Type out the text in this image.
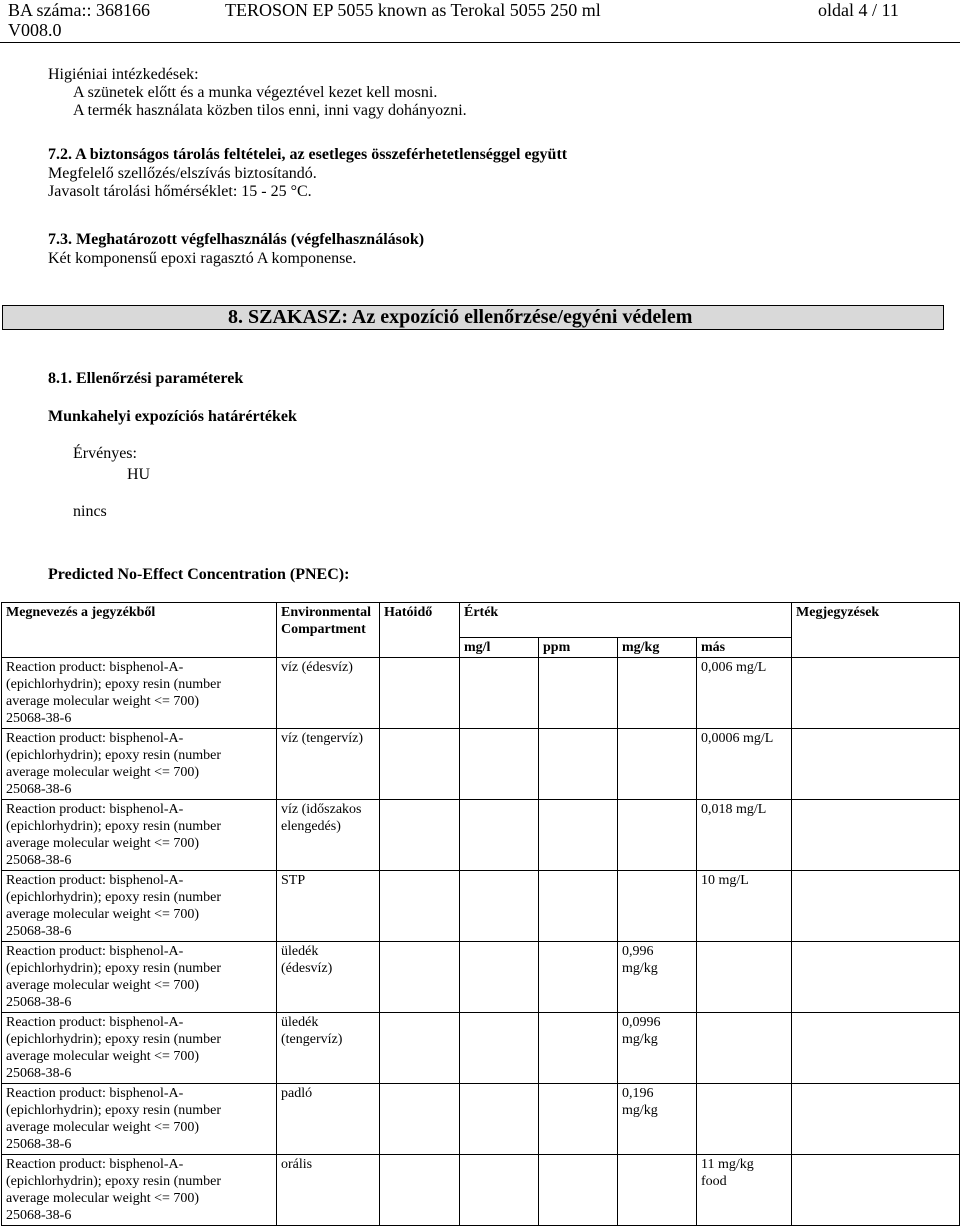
BA száma:: 368166
V008.0
TEROSON EP 5055 known as Terokal 5055 250 ml	oldal 4 / 11
Higiéniai intézkedések:
A szünetek előtt és a munka végeztével kezet kell mosni.
A termék használata közben tilos enni, inni vagy dohányozni.
7.2. A biztonságos tárolás feltételei, az esetleges összeférhetetlenséggel együtt
Megfelelő szellőzés/elszívás biztosítandó.
Javasolt tárolási hőmérséklet: 15 - 25 °C.
7.3. Meghatározott végfelhasználás (végfelhasználások)
Két komponensű epoxi ragasztó A komponense.
8. SZAKASZ: Az expozíció ellenőrzése/egyéni védelem
8.1. Ellenőrzési paraméterek
Munkahelyi expozíciós határértékek
Érvényes:
HU
nincs
Predicted No-Effect Concentration (PNEC):
Megnevezés a jegyzékből	Environmental
Compartment	Hatóidő	Érték				Megjegyzések
			mg/l	ppm	mg/kg	más	
Reaction product: bisphenol-A-
(epichlorhydrin); epoxy resin (number
average molecular weight <= 700)
25068-38-6	víz (édesvíz)					0,006 mg/L

Reaction product: bisphenol-A-
(epichlorhydrin); epoxy resin (number
average molecular weight <= 700)
25068-38-6	víz (tengervíz)					0,0006 mg/L

Reaction product: bisphenol-A-
(epichlorhydrin); epoxy resin (number
average molecular weight <= 700)
25068-38-6	víz (időszakos
elengedés)					0,018 mg/L

Reaction product: bisphenol-A-
(epichlorhydrin); epoxy resin (number
average molecular weight <= 700)
25068-38-6	STP					10 mg/L

Reaction product: bisphenol-A-
(epichlorhydrin); epoxy resin (number
average molecular weight <= 700)
25068-38-6	üledék
(édesvíz)				0,996
mg/kg	

Reaction product: bisphenol-A-
(epichlorhydrin); epoxy resin (number
average molecular weight <= 700)
25068-38-6	üledék
(tengervíz)				0,0996
mg/kg	

Reaction product: bisphenol-A-
(epichlorhydrin); epoxy resin (number
average molecular weight <= 700)
25068-38-6	padló				0,196
mg/kg	

Reaction product: bisphenol-A-
(epichlorhydrin); epoxy resin (number
average molecular weight <= 700)
25068-38-6	orális					11 mg/kg
food	
